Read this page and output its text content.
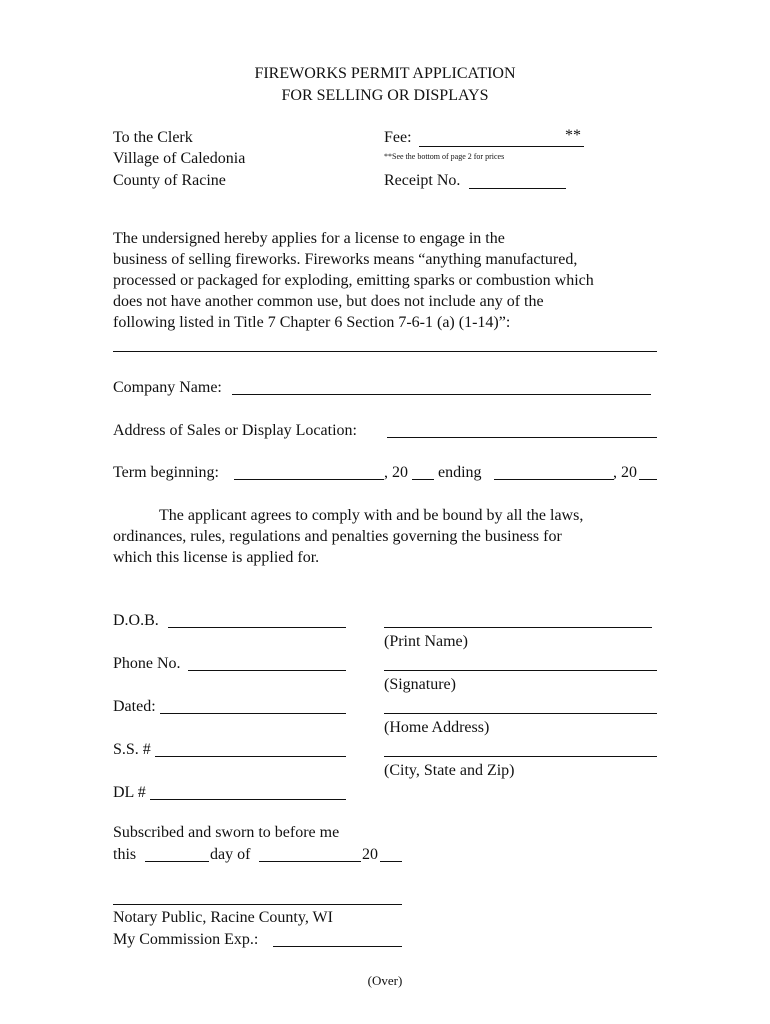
FIREWORKS PERMIT APPLICATION
FOR SELLING OR DISPLAYS
To the Clerk
Village of Caledonia
County of Racine
Fee:	**
**See the bottom of page 2 for prices
Receipt No.
The undersigned hereby applies for a license to engage in the
business of selling fireworks. Fireworks means “anything manufactured,
processed or packaged for exploding, emitting sparks or combustion which
does not have another common use, but does not include any of the
following listed in Title 7 Chapter 6 Section 7-6-1 (a) (1-14)”:
Company Name:
Address of Sales or Display Location:
Term beginning:	, 20 ending	, 20
The applicant agrees to comply with and be bound by all the laws,
ordinances, rules, regulations and penalties governing the business for
which this license is applied for.
D.O.B.
Phone No.
Dated:
S.S. #
DL #
(Print Name)
(Signature)
(Home Address)
(City, State and Zip)
Subscribed and sworn to before me
this	day of	20
Notary Public, Racine County, WI
My Commission Exp.:
(Over)
